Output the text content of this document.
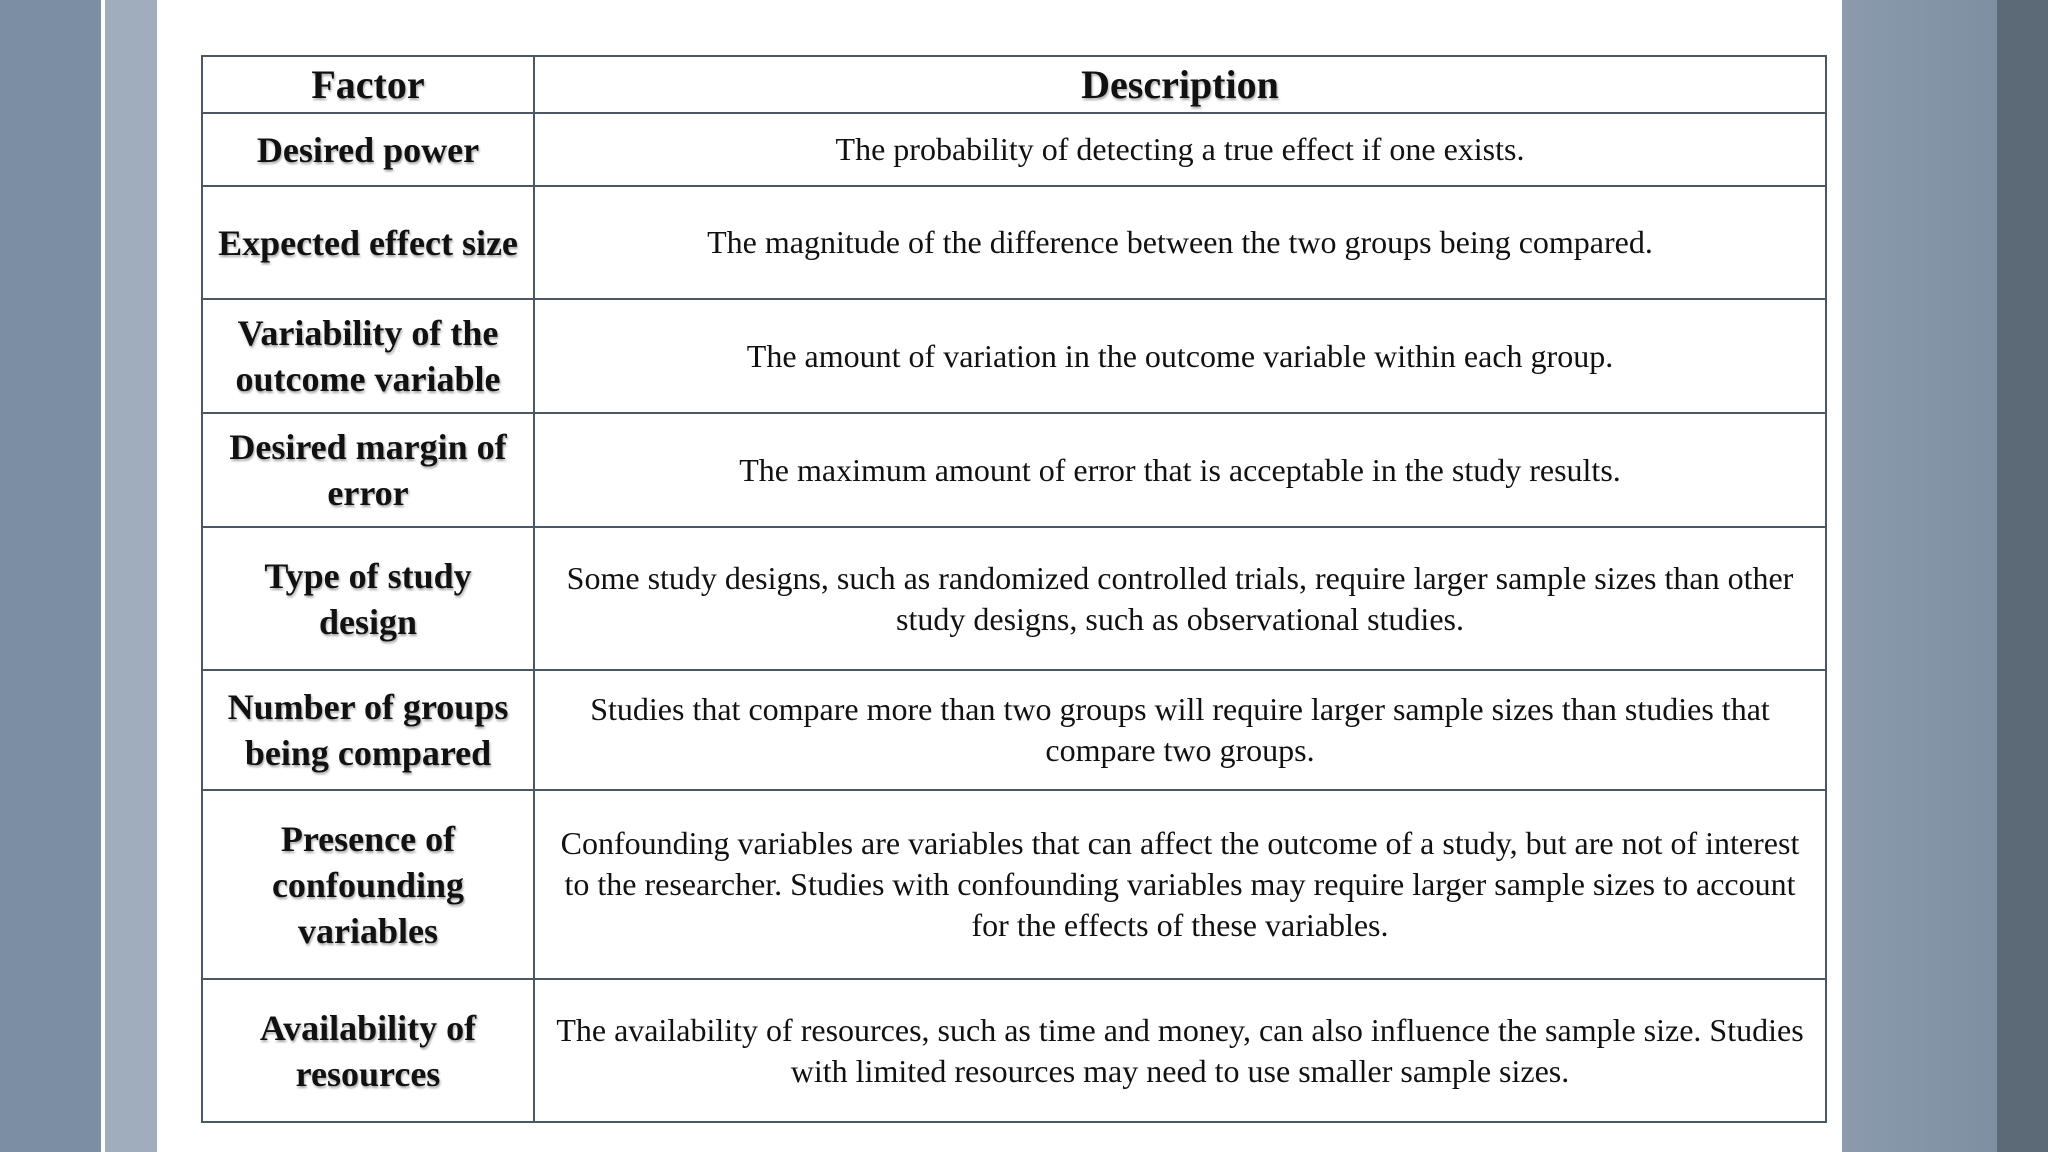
Factor	Description
Desired power	The probability of detecting a true effect if one exists.
Expected effect size	The magnitude of the difference between the two groups being compared.
Variability of the outcome variable	The amount of variation in the outcome variable within each group.
Desired margin of error	The maximum amount of error that is acceptable in the study results.
Type of study design	Some study designs, such as randomized controlled trials, require larger sample sizes than other study designs, such as observational studies.
Number of groups being compared	Studies that compare more than two groups will require larger sample sizes than studies that compare two groups.
Presence of confounding variables	Confounding variables are variables that can affect the outcome of a study, but are not of interest to the researcher. Studies with confounding variables may require larger sample sizes to account for the effects of these variables.
Availability of resources	The availability of resources, such as time and money, can also influence the sample size. Studies with limited resources may need to use smaller sample sizes.
